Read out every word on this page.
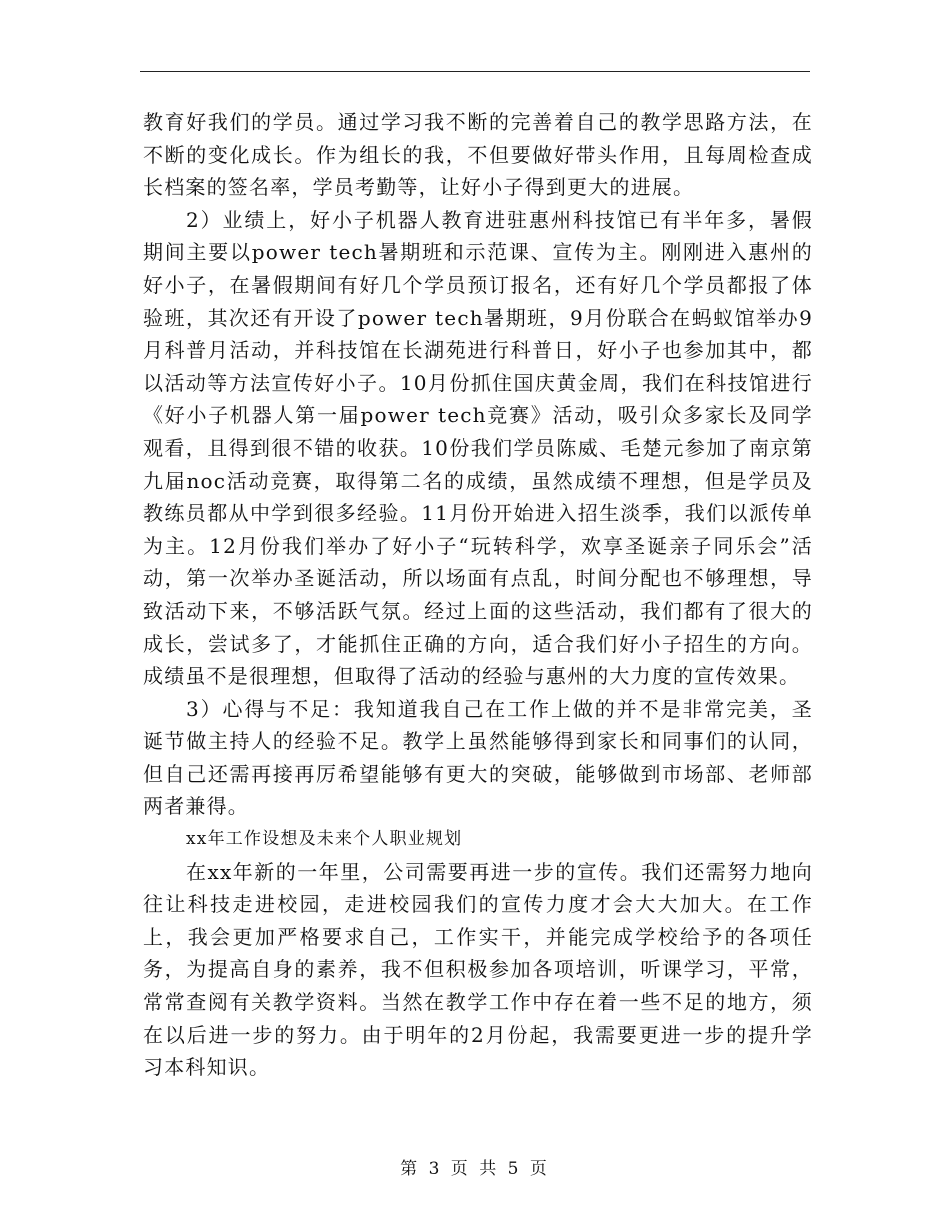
教育好我们的学员。通过学习我不断的完善着自己的教学思路方法，在不断的变化成长。作为组长的我，不但要做好带头作用，且每周检查成长档案的签名率，学员考勤等，让好小子得到更大的进展。

2）业绩上，好小子机器人教育进驻惠州科技馆已有半年多，暑假期间主要以power tech暑期班和示范课、宣传为主。刚刚进入惠州的好小子，在暑假期间有好几个学员预订报名，还有好几个学员都报了体验班，其次还有开设了power tech暑期班，9月份联合在蚂蚁馆举办9月科普月活动，并科技馆在长湖苑进行科普日，好小子也参加其中，都以活动等方法宣传好小子。10月份抓住国庆黄金周，我们在科技馆进行《好小子机器人第一届power tech竞赛》活动，吸引众多家长及同学观看，且得到很不错的收获。10份我们学员陈威、毛楚元参加了南京第九届noc活动竞赛，取得第二名的成绩，虽然成绩不理想，但是学员及教练员都从中学到很多经验。11月份开始进入招生淡季，我们以派传单为主。12月份我们举办了好小子“玩转科学，欢享圣诞亲子同乐会”活动，第一次举办圣诞活动，所以场面有点乱，时间分配也不够理想，导致活动下来，不够活跃气氛。经过上面的这些活动，我们都有了很大的成长，尝试多了，才能抓住正确的方向，适合我们好小子招生的方向。成绩虽不是很理想，但取得了活动的经验与惠州的大力度的宣传效果。

3）心得与不足：我知道我自己在工作上做的并不是非常完美，圣诞节做主持人的经验不足。教学上虽然能够得到家长和同事们的认同，但自己还需再接再厉希望能够有更大的突破，能够做到市场部、老师部两者兼得。

xx年工作设想及未来个人职业规划

在xx年新的一年里，公司需要再进一步的宣传。我们还需努力地向往让科技走进校园，走进校园我们的宣传力度才会大大加大。在工作上，我会更加严格要求自己，工作实干，并能完成学校给予的各项任务，为提高自身的素养，我不但积极参加各项培训，听课学习，平常，常常查阅有关教学资料。当然在教学工作中存在着一些不足的地方，须在以后进一步的努力。由于明年的2月份起，我需要更进一步的提升学习本科知识。

第 3 页 共 5 页
